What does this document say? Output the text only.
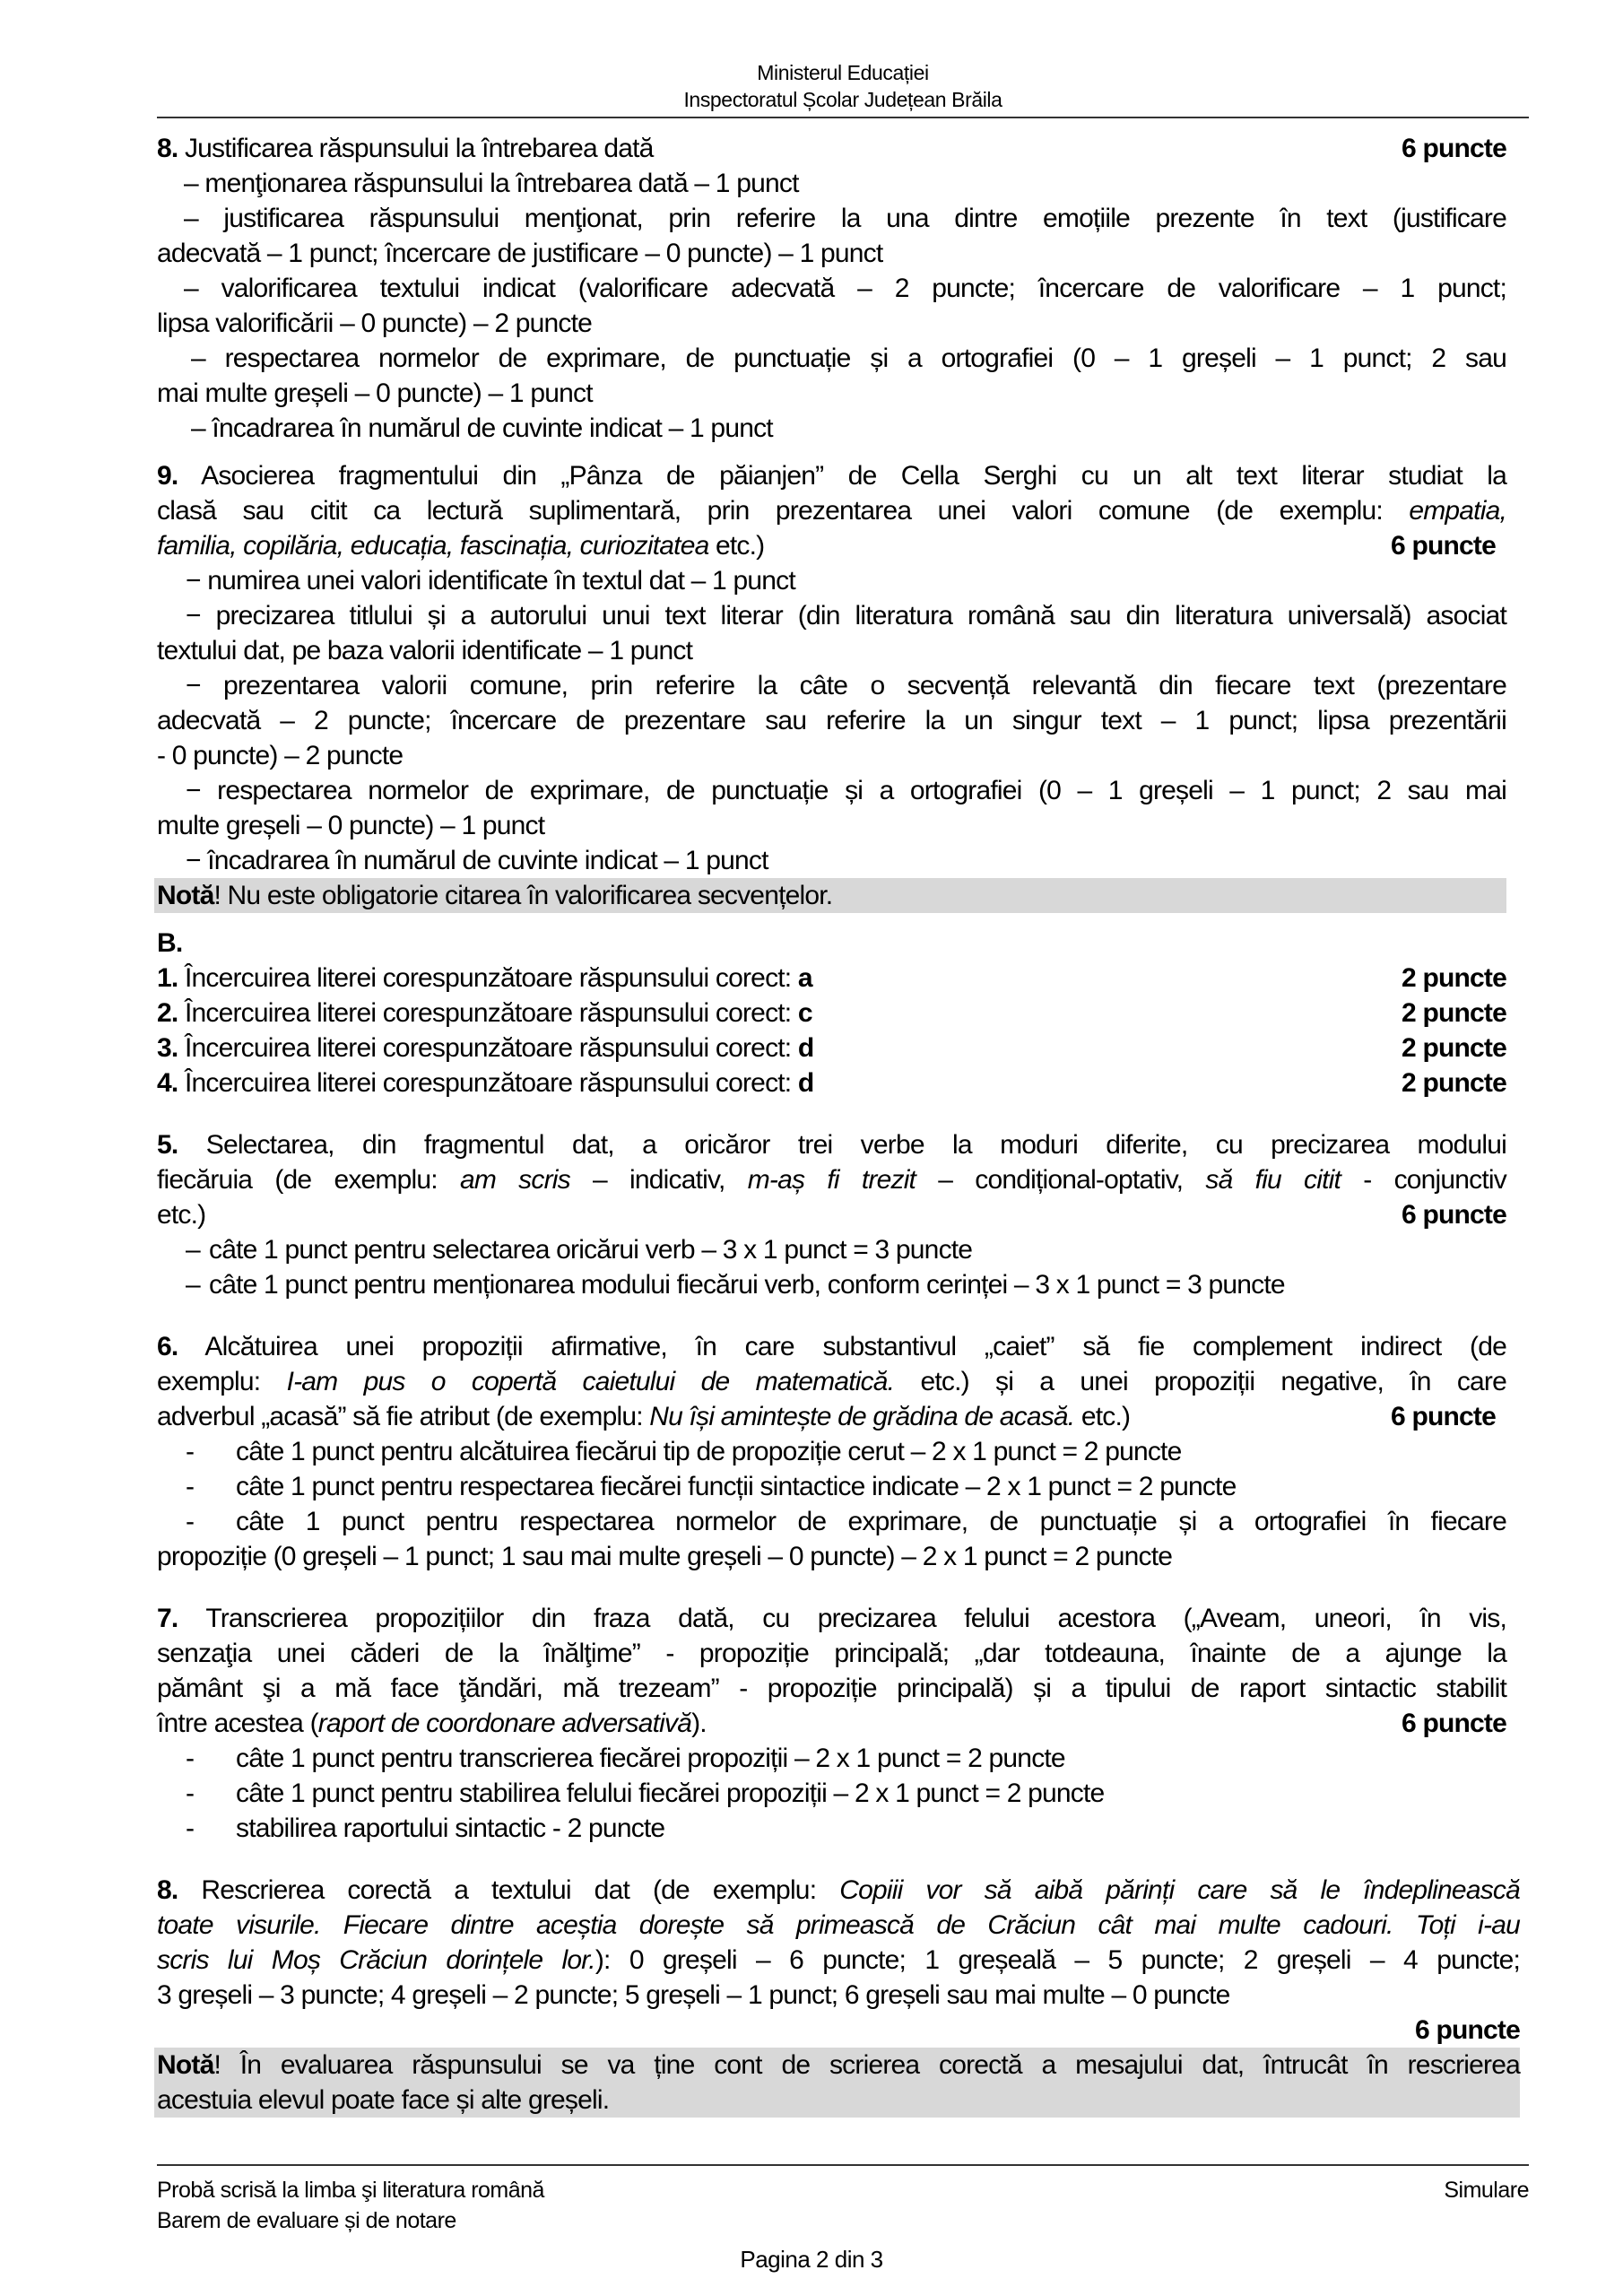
Ministerul Educației
Inspectoratul Școlar Județean Brăila
8. Justificarea răspunsului la întrebarea dată	6 puncte
– menţionarea răspunsului la întrebarea dată – 1 punct
– justificarea răspunsului menţionat, prin referire la una dintre emoțiile prezente în text (justificare
adecvată – 1 punct; încercare de justificare – 0 puncte) – 1 punct
– valorificarea textului indicat (valorificare adecvată – 2 puncte; încercare de valorificare – 1 punct;
lipsa valorificării – 0 puncte) – 2 puncte
– respectarea normelor de exprimare, de punctuație și a ortografiei (0 – 1 greșeli – 1 punct; 2 sau
mai multe greșeli – 0 puncte) – 1 punct
– încadrarea în numărul de cuvinte indicat – 1 punct
9. Asocierea fragmentului din „Pânza de păianjen” de Cella Serghi cu un alt text literar studiat la
clasă sau citit ca lectură suplimentară, prin prezentarea unei valori comune (de exemplu: empatia,
familia, copilăria, educația, fascinația, curiozitatea etc.)	6 puncte
− numirea unei valori identificate în textul dat – 1 punct
− precizarea titlului și a autorului unui text literar (din literatura română sau din literatura universală) asociat
textului dat, pe baza valorii identificate – 1 punct
− prezentarea valorii comune, prin referire la câte o secvență relevantă din fiecare text (prezentare
adecvată – 2 puncte; încercare de prezentare sau referire la un singur text – 1 punct; lipsa prezentării
- 0 puncte) – 2 puncte
− respectarea normelor de exprimare, de punctuație și a ortografiei (0 – 1 greșeli – 1 punct; 2 sau mai
multe greșeli – 0 puncte) – 1 punct
− încadrarea în numărul de cuvinte indicat – 1 punct
Notă! Nu este obligatorie citarea în valorificarea secvențelor.
B.
1. Încercuirea literei corespunzătoare răspunsului corect: a	2 puncte
2. Încercuirea literei corespunzătoare răspunsului corect: c	2 puncte
3. Încercuirea literei corespunzătoare răspunsului corect: d	2 puncte
4. Încercuirea literei corespunzătoare răspunsului corect: d	2 puncte
5. Selectarea, din fragmentul dat, a oricăror trei verbe la moduri diferite, cu precizarea modului
fiecăruia (de exemplu: am scris – indicativ, m-aș fi trezit – condițional-optativ, să fiu citit - conjunctiv
etc.)	6 puncte
– câte 1 punct pentru selectarea oricărui verb – 3 x 1 punct = 3 puncte
– câte 1 punct pentru menționarea modului fiecărui verb, conform cerinței – 3 x 1 punct = 3 puncte
6. Alcătuirea unei propoziții afirmative, în care substantivul „caiet” să fie complement indirect (de
exemplu: I-am pus o copertă caietului de matematică. etc.) și a unei propoziții negative, în care
adverbul „acasă” să fie atribut (de exemplu: Nu își amintește de grădina de acasă. etc.)	6 puncte
- câte 1 punct pentru alcătuirea fiecărui tip de propoziție cerut – 2 x 1 punct = 2 puncte
- câte 1 punct pentru respectarea fiecărei funcții sintactice indicate – 2 x 1 punct = 2 puncte
- câte 1 punct pentru respectarea normelor de exprimare, de punctuație și a ortografiei în fiecare
propoziție (0 greșeli – 1 punct; 1 sau mai multe greșeli – 0 puncte) – 2 x 1 punct = 2 puncte
7. Transcrierea propozițiilor din fraza dată, cu precizarea felului acestora („Aveam, uneori, în vis,
senzaţia unei căderi de la înălţime” - propoziție principală; „dar totdeauna, înainte de a ajunge la
pământ şi a mă face ţăndări, mă trezeam” - propoziție principală) și a tipului de raport sintactic stabilit
între acestea (raport de coordonare adversativă).	6 puncte
- câte 1 punct pentru transcrierea fiecărei propoziții – 2 x 1 punct = 2 puncte
- câte 1 punct pentru stabilirea felului fiecărei propoziții – 2 x 1 punct = 2 puncte
- stabilirea raportului sintactic - 2 puncte
8. Rescrierea corectă a textului dat (de exemplu: Copiii vor să aibă părinți care să le îndeplinească
toate visurile. Fiecare dintre aceștia dorește să primească de Crăciun cât mai multe cadouri. Toți i-au
scris lui Moș Crăciun dorințele lor.): 0 greșeli – 6 puncte; 1 greșeală – 5 puncte; 2 greșeli – 4 puncte;
3 greșeli – 3 puncte; 4 greșeli – 2 puncte; 5 greșeli – 1 punct; 6 greșeli sau mai multe – 0 puncte

6 puncte
Notă! În evaluarea răspunsului se va ține cont de scrierea corectă a mesajului dat, întrucât în rescrierea
acestuia elevul poate face și alte greșeli.
Probă scrisă la limba şi literatura română
Barem de evaluare și de notare
Simulare
Pagina 2 din 3
